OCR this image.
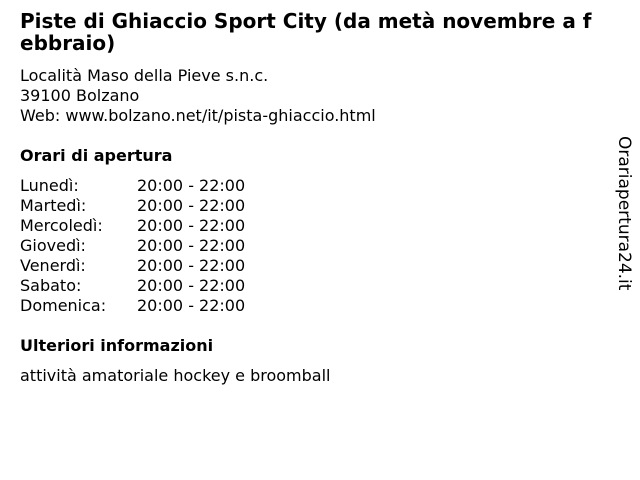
Piste di Ghiaccio Sport City (da metà novembre a febbraio)
Località Maso della Pieve s.n.c.
39100 Bolzano
Web: www.bolzano.net/it/pista-ghiaccio.html
Orari di apertura
Lunedì:	20:00 - 22:00
Martedì:	20:00 - 22:00
Mercoledì:	20:00 - 22:00
Giovedì:	20:00 - 22:00
Venerdì:	20:00 - 22:00
Sabato:	20:00 - 22:00
Domenica:	20:00 - 22:00
Ulteriori informazioni
attività amatoriale hockey e broomball
Orariaperturа24.it
